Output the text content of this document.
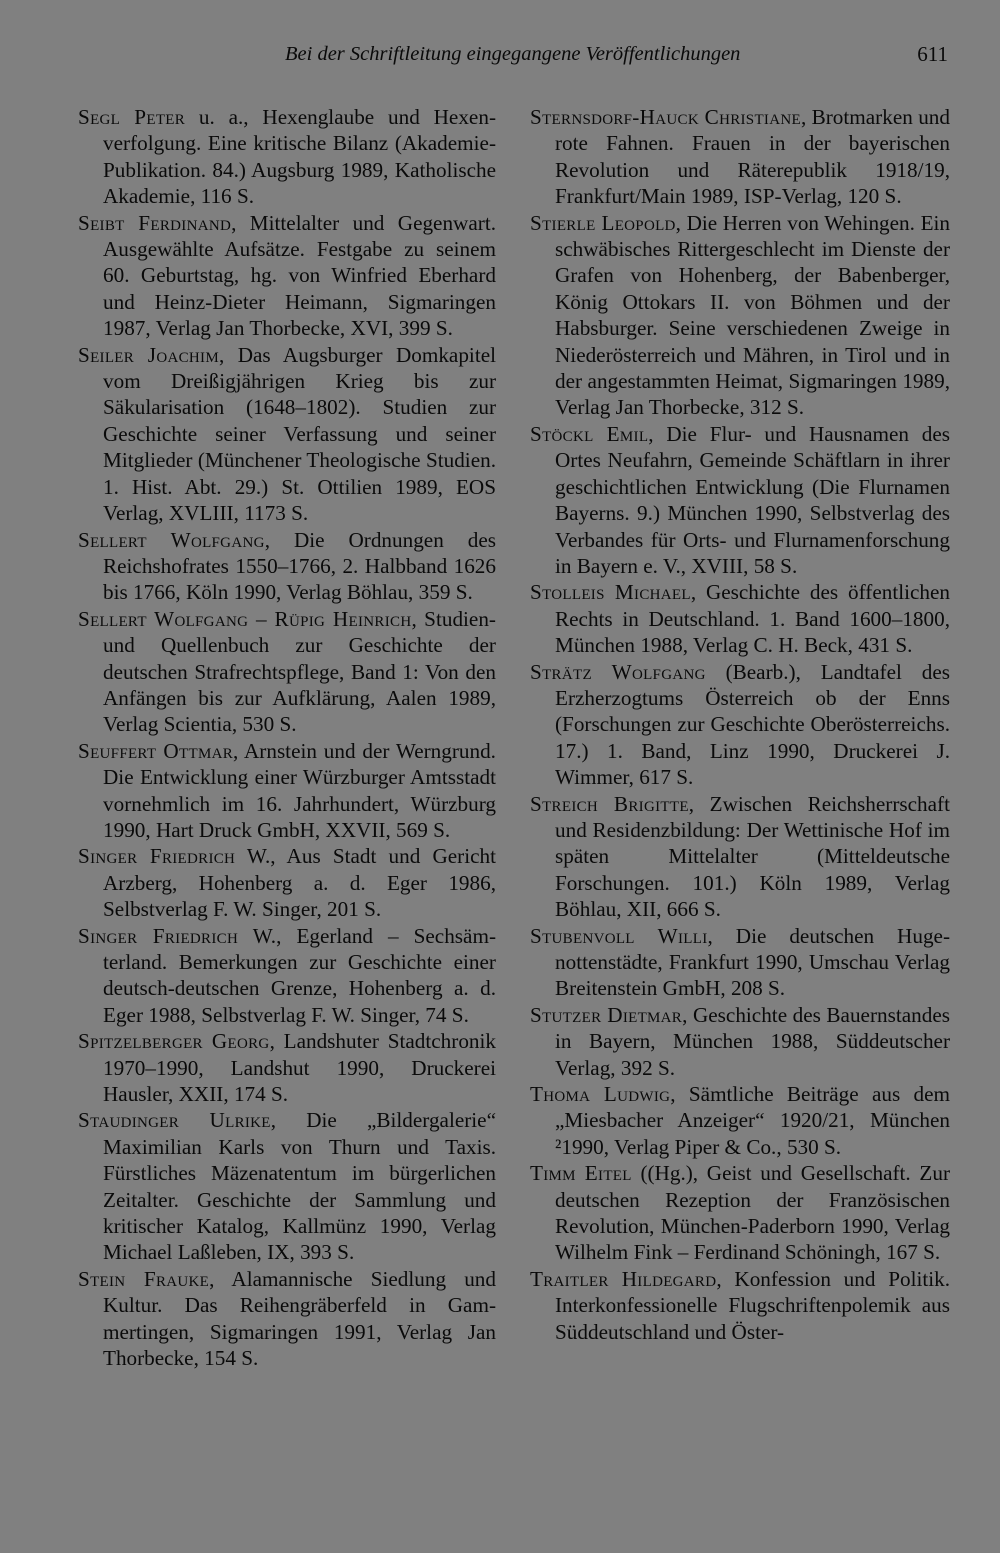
Bei der Schriftleitung eingegangene Veröffentlichungen	611

Segl Peter u. a., Hexenglaube und Hexenverfolgung. Eine kritische Bilanz (Akademie-Publikation. 84.) Augsburg 1989, Katholische Akademie, 116 S.

Seibt Ferdinand, Mittelalter und Gegenwart. Ausgewählte Aufsätze. Festgabe zu seinem 60. Geburtstag, hg. von Winfried Eberhard und Heinz-Dieter Heimann, Sigmaringen 1987, Verlag Jan Thorbecke, XVI, 399 S.

Seiler Joachim, Das Augsburger Domkapitel vom Dreißigjährigen Krieg bis zur Säkularisation (1648–1802). Studien zur Geschichte seiner Verfassung und seiner Mitglieder (Münchener Theologische Studien. 1. Hist. Abt. 29.) St. Ottilien 1989, EOS Verlag, XVLIII, 1173 S.

Sellert Wolfgang, Die Ordnungen des Reichshofrates 1550–1766, 2. Halbband 1626 bis 1766, Köln 1990, Verlag Böhlau, 359 S.

Sellert Wolfgang – Rüpig Heinrich, Studien- und Quellenbuch zur Geschichte der deutschen Strafrechtspflege, Band 1: Von den Anfängen bis zur Aufklärung, Aalen 1989, Verlag Scientia, 530 S.

Seuffert Ottmar, Arnstein und der Werngrund. Die Entwicklung einer Würzburger Amtsstadt vornehmlich im 16. Jahrhundert, Würzburg 1990, Hart Druck GmbH, XXVII, 569 S.

Singer Friedrich W., Aus Stadt und Gericht Arzberg, Hohenberg a. d. Eger 1986, Selbstverlag F. W. Singer, 201 S.

Singer Friedrich W., Egerland – Sechsämterland. Bemerkungen zur Geschichte einer deutsch-deutschen Grenze, Hohenberg a. d. Eger 1988, Selbstverlag F. W. Singer, 74 S.

Spitzelberger Georg, Landshuter Stadtchronik 1970–1990, Landshut 1990, Druckerei Hausler, XXII, 174 S.

Staudinger Ulrike, Die „Bildergalerie“ Maximilian Karls von Thurn und Taxis. Fürstliches Mäzenatentum im bürgerlichen Zeitalter. Geschichte der Sammlung und kritischer Katalog, Kallmünz 1990, Verlag Michael Laßleben, IX, 393 S.

Stein Frauke, Alamannische Siedlung und Kultur. Das Reihengräberfeld in Gammertingen, Sigmaringen 1991, Verlag Jan Thorbecke, 154 S.

Sternsdorf-Hauck Christiane, Brotmarken und rote Fahnen. Frauen in der bayerischen Revolution und Räterepublik 1918/19, Frankfurt/Main 1989, ISP-Verlag, 120 S.

Stierle Leopold, Die Herren von Wehingen. Ein schwäbisches Rittergeschlecht im Dienste der Grafen von Hohenberg, der Babenberger, König Ottokars II. von Böhmen und der Habsburger. Seine verschiedenen Zweige in Niederösterreich und Mähren, in Tirol und in der angestammten Heimat, Sigmaringen 1989, Verlag Jan Thorbecke, 312 S.

Stöckl Emil, Die Flur- und Hausnamen des Ortes Neufahrn, Gemeinde Schäftlarn in ihrer geschichtlichen Entwicklung (Die Flurnamen Bayerns. 9.) München 1990, Selbstverlag des Verbandes für Orts- und Flurnamenforschung in Bayern e. V., XVIII, 58 S.

Stolleis Michael, Geschichte des öffentlichen Rechts in Deutschland. 1. Band 1600–1800, München 1988, Verlag C. H. Beck, 431 S.

Strätz Wolfgang (Bearb.), Landtafel des Erzherzogtums Österreich ob der Enns (Forschungen zur Geschichte Oberösterreichs. 17.) 1. Band, Linz 1990, Druckerei J. Wimmer, 617 S.

Streich Brigitte, Zwischen Reichsherrschaft und Residenzbildung: Der Wettinische Hof im späten Mittelalter (Mitteldeutsche Forschungen. 101.) Köln 1989, Verlag Böhlau, XII, 666 S.

Stubenvoll Willi, Die deutschen Hugenottenstädte, Frankfurt 1990, Umschau Verlag Breitenstein GmbH, 208 S.

Stutzer Dietmar, Geschichte des Bauernstandes in Bayern, München 1988, Süddeutscher Verlag, 392 S.

Thoma Ludwig, Sämtliche Beiträge aus dem „Miesbacher Anzeiger“ 1920/21, München ²1990, Verlag Piper & Co., 530 S.

Timm Eitel ((Hg.), Geist und Gesellschaft. Zur deutschen Rezeption der Französischen Revolution, München-Paderborn 1990, Verlag Wilhelm Fink – Ferdinand Schöningh, 167 S.

Traitler Hildegard, Konfession und Politik. Interkonfessionelle Flugschriftenpolemik aus Süddeutschland und Öster-
